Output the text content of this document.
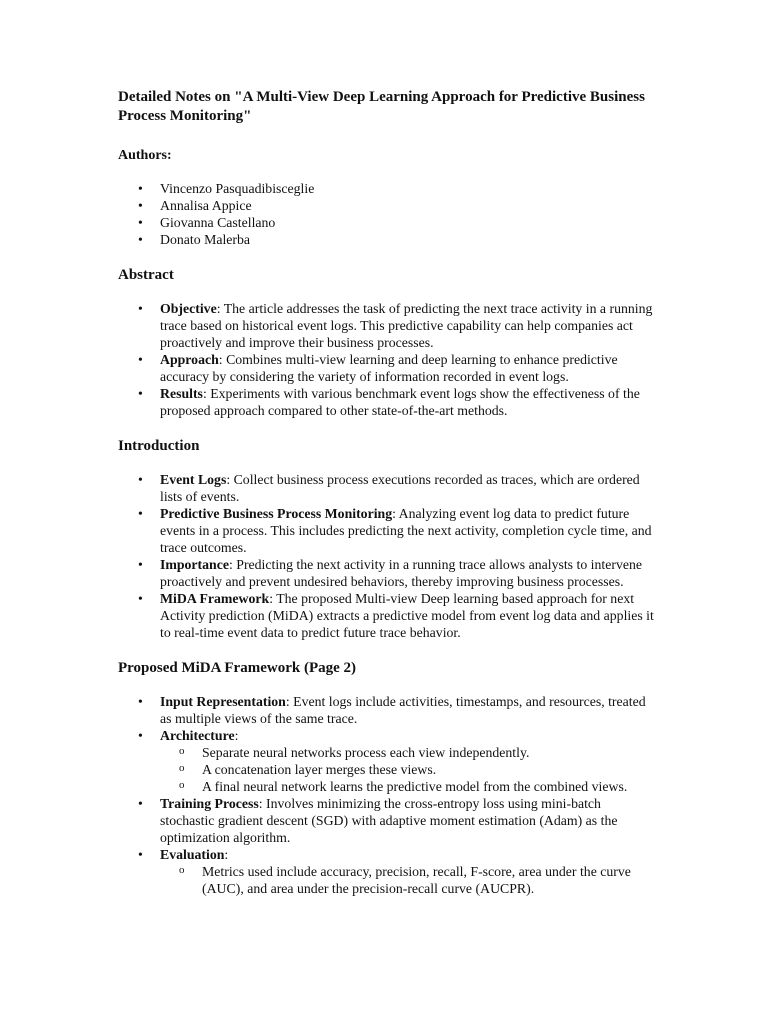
Detailed Notes on "A Multi-View Deep Learning Approach for Predictive Business Process Monitoring"
Authors:
• Vincenzo Pasquadibisceglie
• Annalisa Appice
• Giovanna Castellano
• Donato Malerba
Abstract
• Objective: The article addresses the task of predicting the next trace activity in a running trace based on historical event logs. This predictive capability can help companies act proactively and improve their business processes.
• Approach: Combines multi-view learning and deep learning to enhance predictive accuracy by considering the variety of information recorded in event logs.
• Results: Experiments with various benchmark event logs show the effectiveness of the proposed approach compared to other state-of-the-art methods.
Introduction
• Event Logs: Collect business process executions recorded as traces, which are ordered lists of events.
• Predictive Business Process Monitoring: Analyzing event log data to predict future events in a process. This includes predicting the next activity, completion cycle time, and trace outcomes.
• Importance: Predicting the next activity in a running trace allows analysts to intervene proactively and prevent undesired behaviors, thereby improving business processes.
• MiDA Framework: The proposed Multi-view Deep learning based approach for next Activity prediction (MiDA) extracts a predictive model from event log data and applies it to real-time event data to predict future trace behavior.
Proposed MiDA Framework (Page 2)
• Input Representation: Event logs include activities, timestamps, and resources, treated as multiple views of the same trace.
• Architecture:
o Separate neural networks process each view independently.
o A concatenation layer merges these views.
o A final neural network learns the predictive model from the combined views.
• Training Process: Involves minimizing the cross-entropy loss using mini-batch stochastic gradient descent (SGD) with adaptive moment estimation (Adam) as the optimization algorithm.
• Evaluation:
o Metrics used include accuracy, precision, recall, F-score, area under the curve (AUC), and area under the precision-recall curve (AUCPR).
